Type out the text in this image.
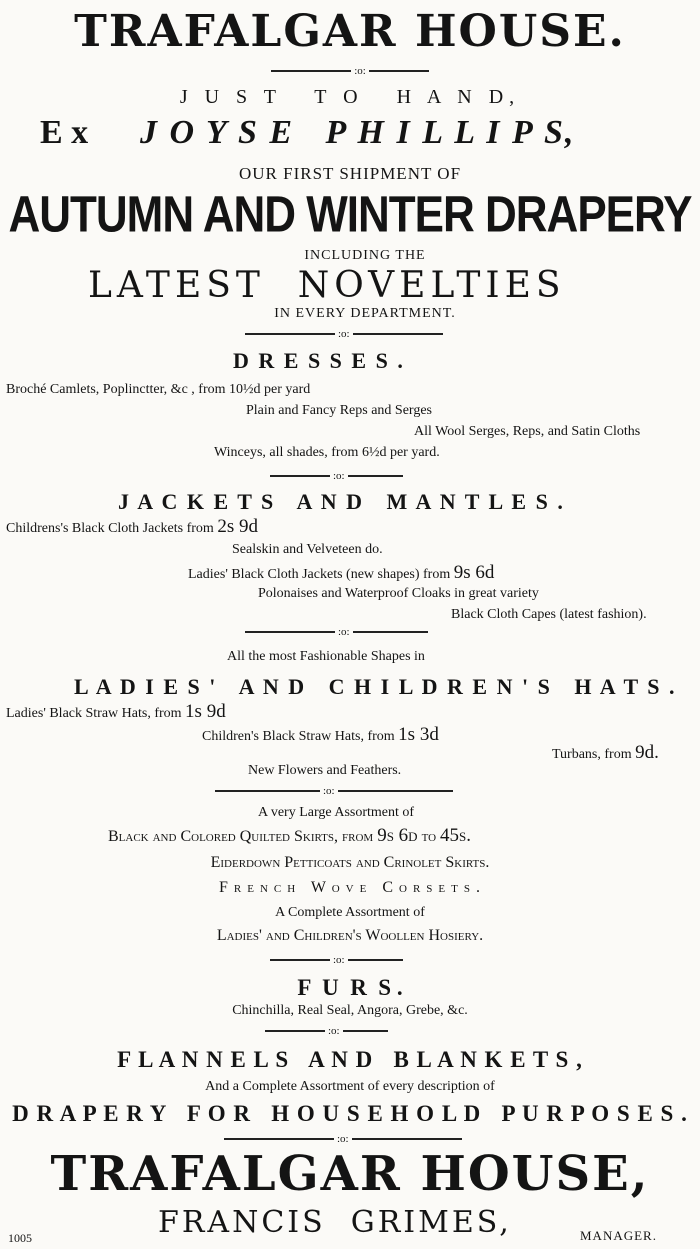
TRAFALGAR HOUSE.
:o:
J U S T   T O   H A N D,
E x J O Y S E   P H I L L I P S,
OUR FIRST SHIPMENT OF
AUTUMN AND WINTER DRAPERY
INCLUDING THE
LATEST  NOVELTIES
IN EVERY DEPARTMENT.
:o:
D R E S S E S .
Broché Camlets, Poplinctter, &c , from 10½d per yard
Plain and Fancy Reps and Serges
All Wool Serges, Reps, and Satin Cloths
Winceys, all shades, from 6½d per yard.
:o:
J A C K E T S   A N D   M A N T L E S .
Childrens's Black Cloth Jackets from 2s 9d
Sealskin and Velveteen do.
Ladies' Black Cloth Jackets (new shapes) from 9s 6d
Polonaises and Waterproof Cloaks in great variety
Black Cloth Capes (latest fashion).
:o:
All the most Fashionable Shapes in
L A D I E S '   A N D   C H I L D R E N ' S   H A T S .
Ladies' Black Straw Hats, from 1s 9d
Children's Black Straw Hats, from 1s 3d
Turbans, from 9d.
New Flowers and Feathers.
:o:
A very Large Assortment of
Black and Colored Quilted Skirts, from 9s 6d to 45s.
Eiderdown Petticoats and Crinolet Skirts.
F r e n c h   W o v e   C o r s e t s .
A Complete Assortment of
Ladies' and Children's Woollen Hosiery.
:o:
F  U  R  S .
Chinchilla, Real Seal, Angora, Grebe, &c.
:o:
F L A N N E L S   A N D   B L A N K E T S ,
And a Complete Assortment of every description of
D R A P E R Y   F O R   H O U S E H O L D   P U R P O S E S .
:o:
TRAFALGAR HOUSE,
FRANCIS  GRIMES,	MANAGER.
1005
